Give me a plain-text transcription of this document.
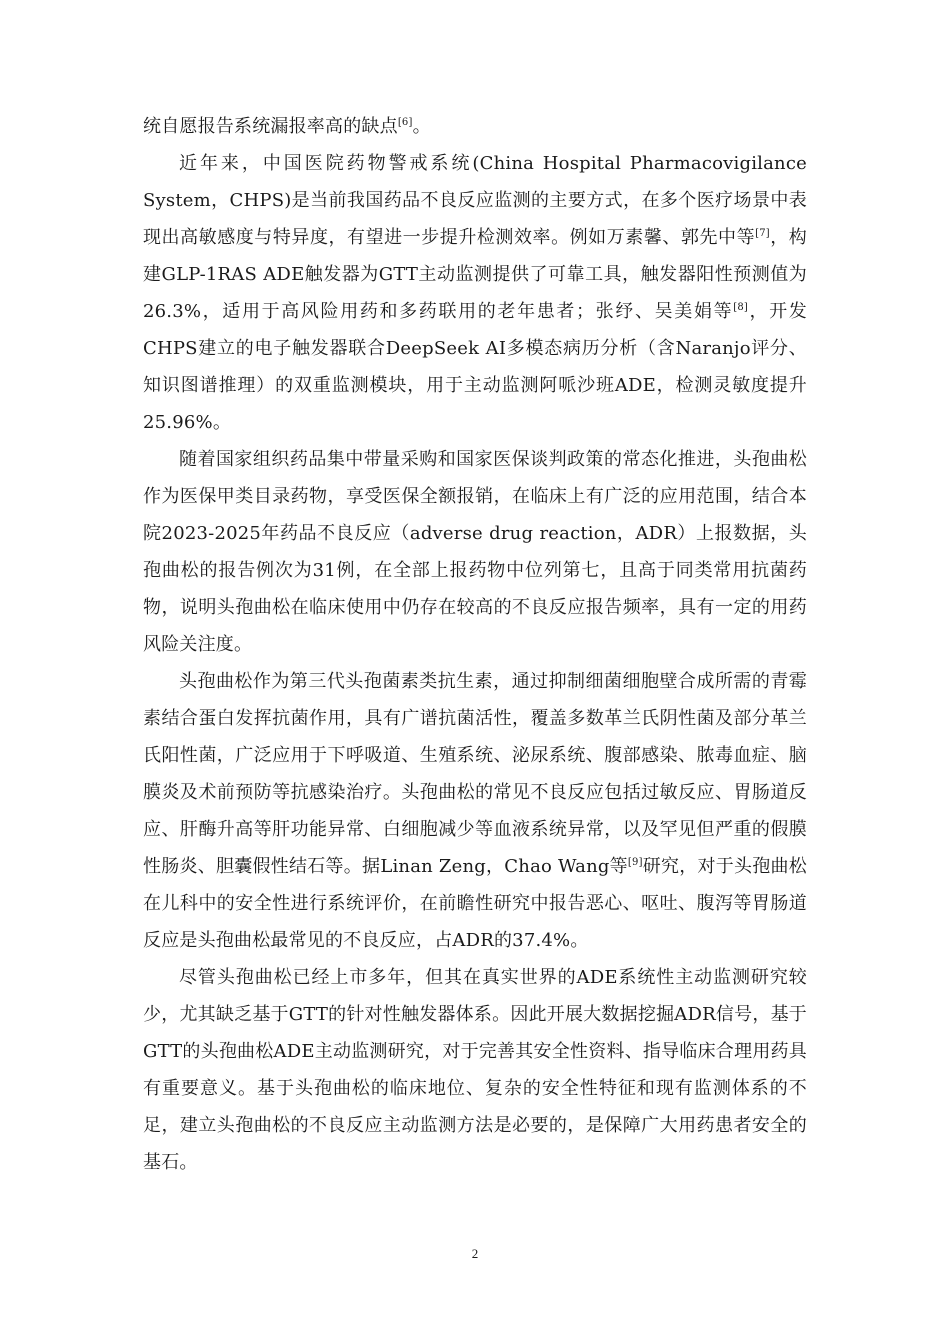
统自愿报告系统漏报率高的缺点[6]。

近年来，中国医院药物警戒系统(China Hospital Pharmacovigilance System，CHPS)是当前我国药品不良反应监测的主要方式，在多个医疗场景中表现出高敏感度与特异度，有望进一步提升检测效率。例如万素馨、郭先中等[7]，构建GLP-1RAS ADE触发器为GTT主动监测提供了可靠工具，触发器阳性预测值为26.3%，适用于高风险用药和多药联用的老年患者；张纾、吴美娟等[8]，开发CHPS建立的电子触发器联合DeepSeek AI多模态病历分析（含Naranjo评分、知识图谱推理）的双重监测模块，用于主动监测阿哌沙班ADE，检测灵敏度提升25.96%。

随着国家组织药品集中带量采购和国家医保谈判政策的常态化推进，头孢曲松作为医保甲类目录药物，享受医保全额报销，在临床上有广泛的应用范围，结合本院2023-2025年药品不良反应（adverse drug reaction，ADR）上报数据，头孢曲松的报告例次为31例，在全部上报药物中位列第七，且高于同类常用抗菌药物，说明头孢曲松在临床使用中仍存在较高的不良反应报告频率，具有一定的用药风险关注度。

头孢曲松作为第三代头孢菌素类抗生素，通过抑制细菌细胞壁合成所需的青霉素结合蛋白发挥抗菌作用，具有广谱抗菌活性，覆盖多数革兰氏阴性菌及部分革兰氏阳性菌，广泛应用于下呼吸道、生殖系统、泌尿系统、腹部感染、脓毒血症、脑膜炎及术前预防等抗感染治疗。头孢曲松的常见不良反应包括过敏反应、胃肠道反应、肝酶升高等肝功能异常、白细胞减少等血液系统异常，以及罕见但严重的假膜性肠炎、胆囊假性结石等。据Linan Zeng，Chao Wang等[9]研究，对于头孢曲松在儿科中的安全性进行系统评价，在前瞻性研究中报告恶心、呕吐、腹泻等胃肠道反应是头孢曲松最常见的不良反应，占ADR的37.4%。

尽管头孢曲松已经上市多年，但其在真实世界的ADE系统性主动监测研究较少，尤其缺乏基于GTT的针对性触发器体系。因此开展大数据挖掘ADR信号，基于GTT的头孢曲松ADE主动监测研究，对于完善其安全性资料、指导临床合理用药具有重要意义。基于头孢曲松的临床地位、复杂的安全性特征和现有监测体系的不足，建立头孢曲松的不良反应主动监测方法是必要的，是保障广大用药患者安全的基石。

2
